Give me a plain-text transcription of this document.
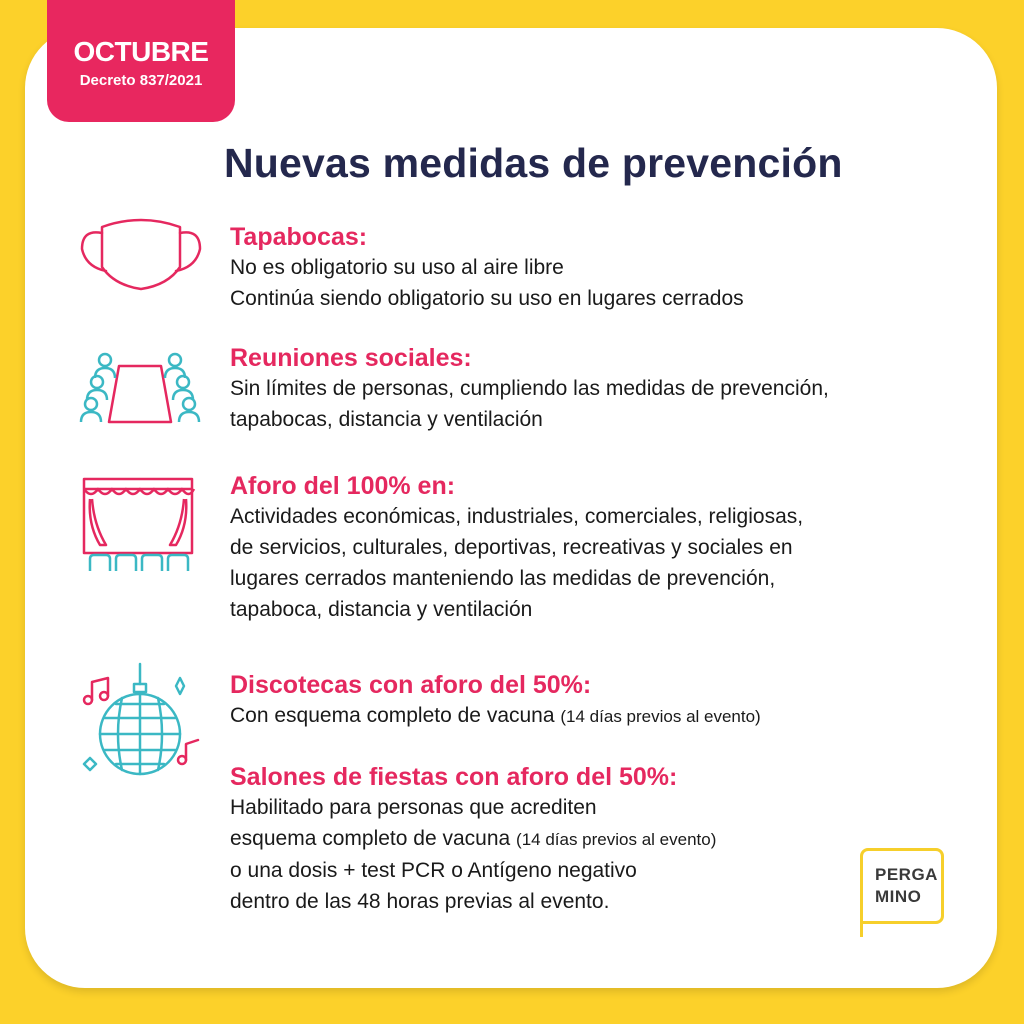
OCTUBRE
Decreto 837/2021
Nuevas medidas de prevención
Tapabocas:
No es obligatorio su uso al aire libre
Continúa siendo obligatorio su uso en lugares cerrados
Reuniones sociales:
Sin límites de personas, cumpliendo las medidas de prevención,
tapabocas, distancia y ventilación
Aforo del 100% en:
Actividades económicas, industriales, comerciales, religiosas,
de servicios, culturales, deportivas, recreativas y sociales en
lugares cerrados manteniendo las medidas de prevención,
tapaboca, distancia y ventilación
Discotecas con aforo del 50%:
Con esquema completo de vacuna (14 días previos al evento)
Salones de fiestas con aforo del 50%:
Habilitado para personas que acrediten
esquema completo de vacuna (14 días previos al evento)
o una dosis + test PCR o Antígeno negativo
dentro de las 48 horas previas al evento.
PERGA
MINO
